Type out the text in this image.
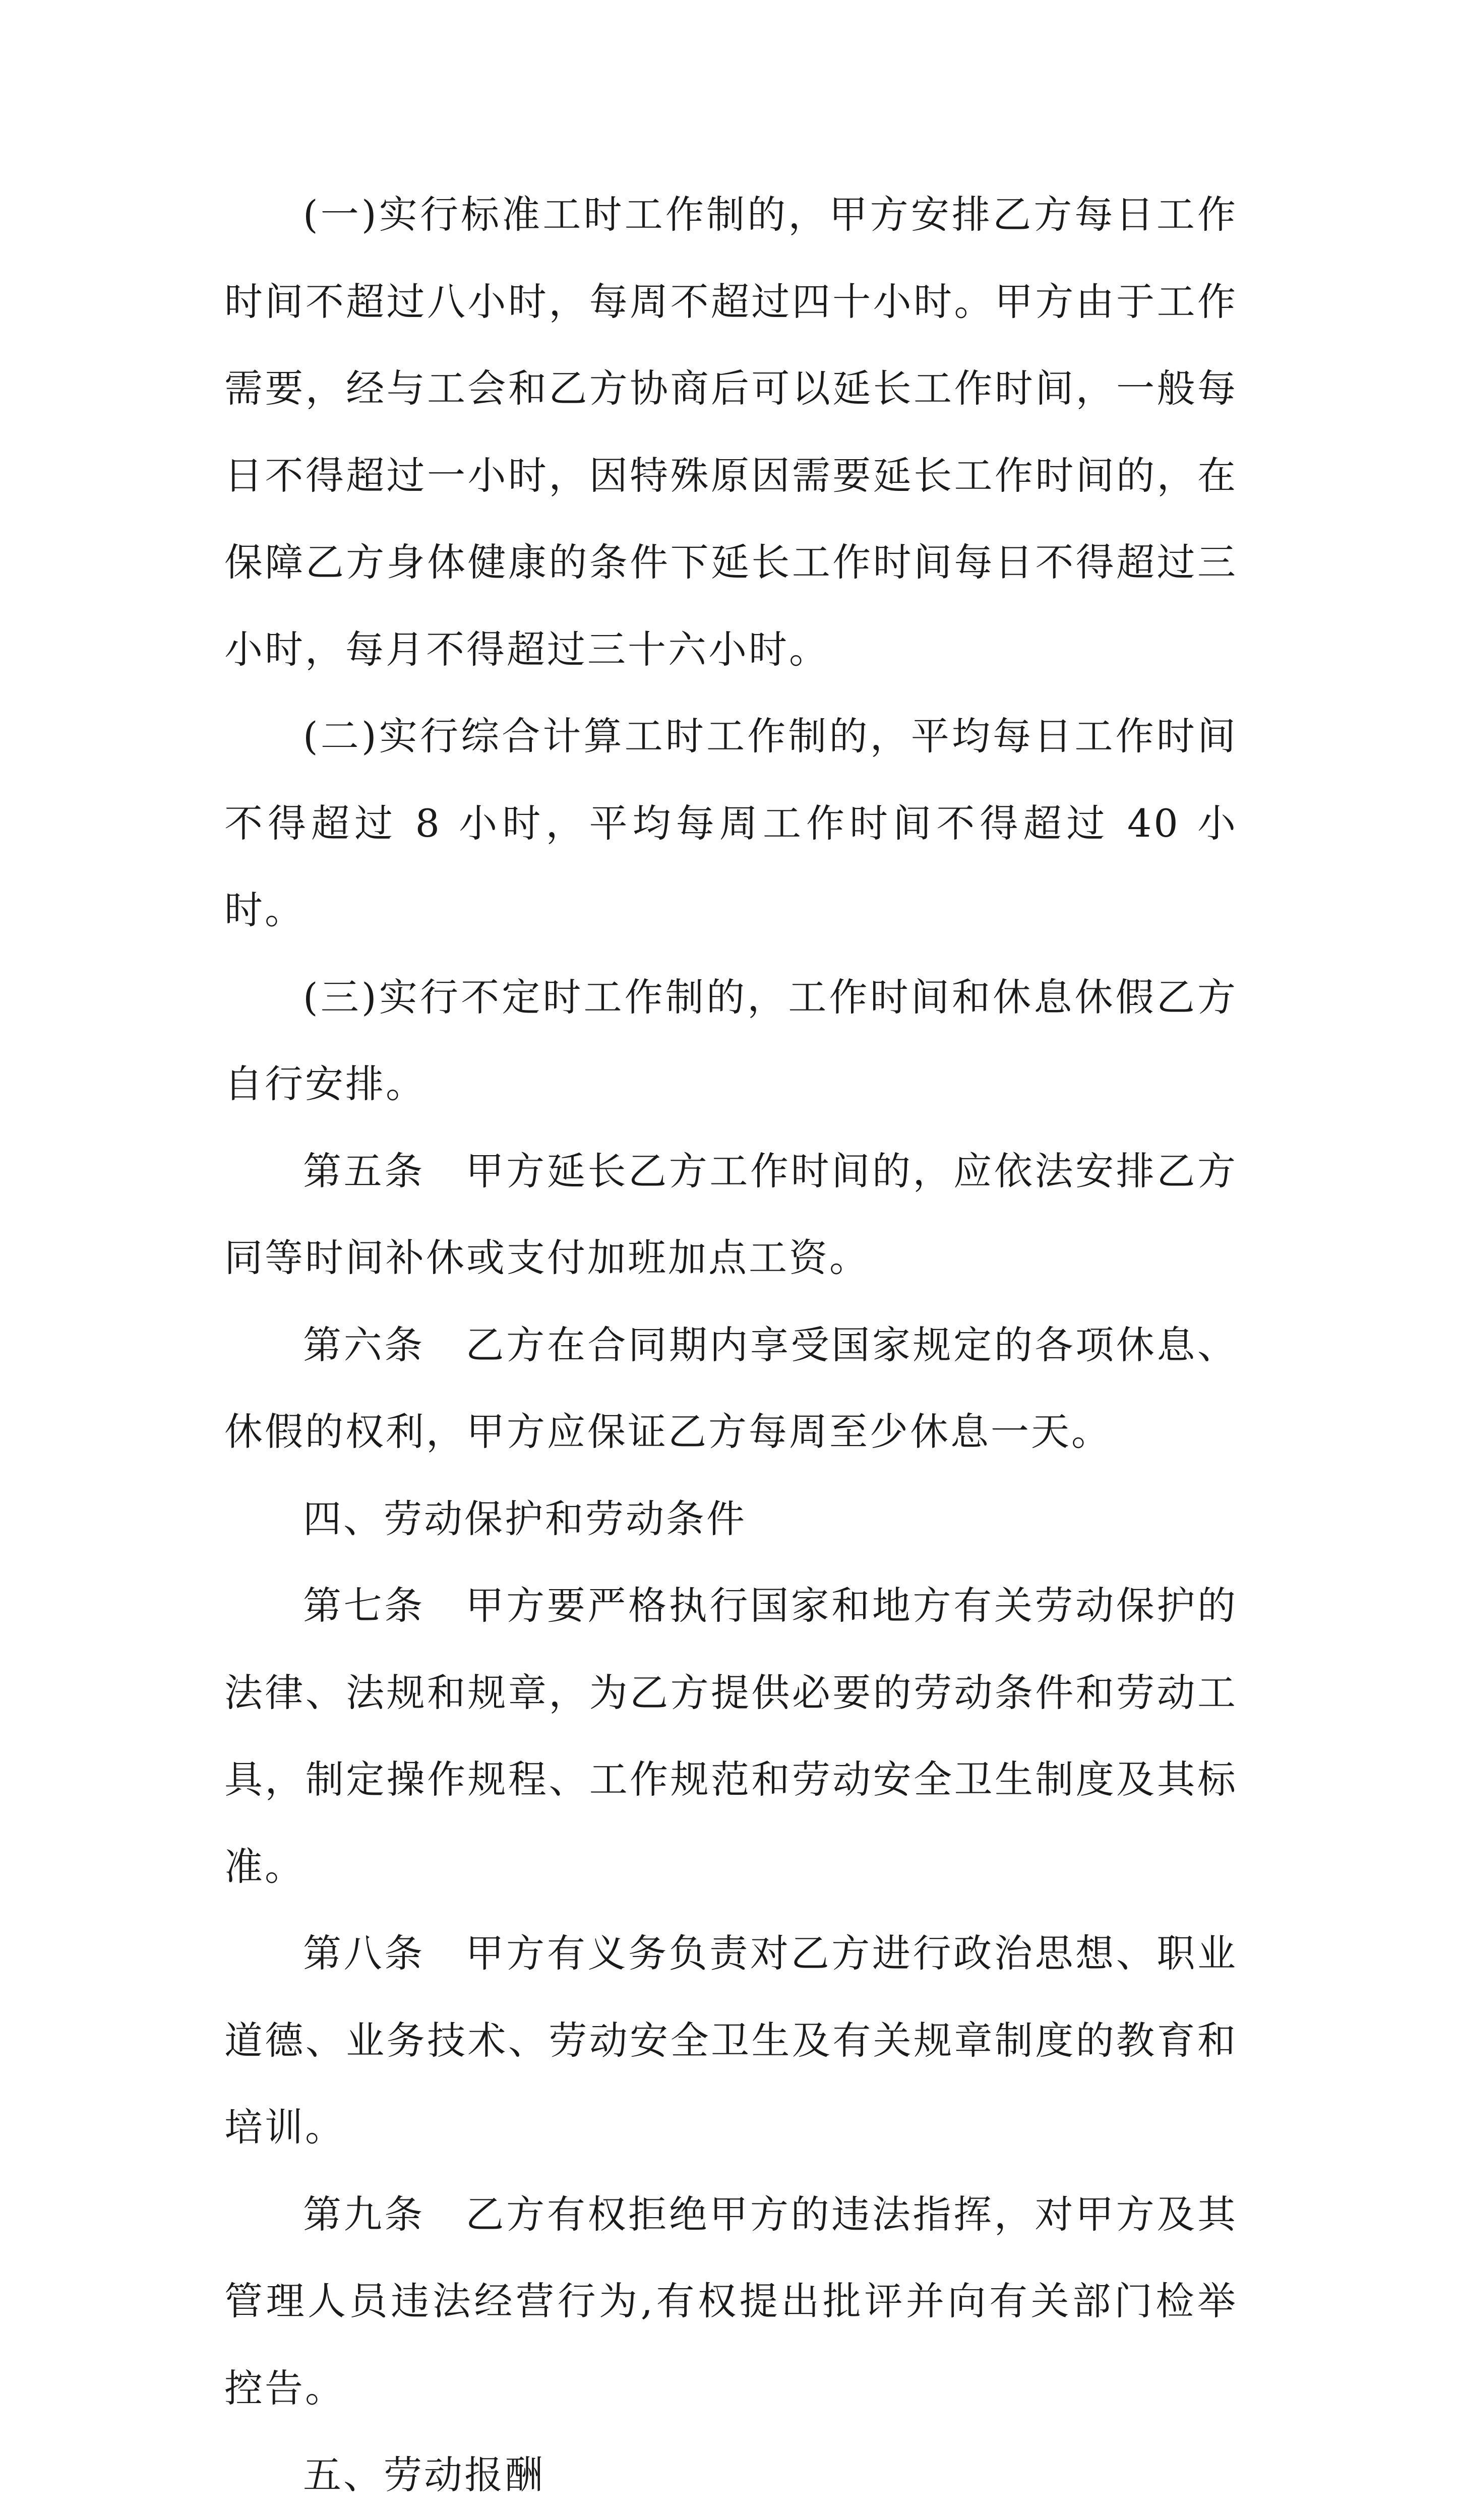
(一)实行标准工时工作制的，甲方安排乙方每日工作时间不超过八小时，每周不超过四十小时。甲方由于工作需要，经与工会和乙方协商后可以延长工作时间，一般每日不得超过一小时，因特殊原因需要延长工作时间的，在保障乙方身体健康的条件下延长工作时间每日不得超过三小时，每月不得超过三十六小时。

(二)实行综合计算工时工作制的，平均每日工作时间不得超过 8 小时，平均每周工作时间不得超过 40 小时。

(三)实行不定时工作制的，工作时间和休息休假乙方自行安排。

第五条　甲方延长乙方工作时间的，应依法安排乙方同等时间补休或支付加班加点工资。

第六条　乙方在合同期内享受国家规定的各项休息、休假的权利，甲方应保证乙方每周至少休息一天。

四、劳动保护和劳动条件

第七条　甲方要严格执行国家和地方有关劳动保护的法律、法规和规章，为乙方提供必要的劳动条件和劳动工具，制定操作规程、工作规范和劳动安全卫生制度及其标准。

第八条　甲方有义务负责对乙方进行政治思想、职业道德、业务技术、劳动安全卫生及有关规章制度的教育和培训。

第九条　乙方有权拒绝甲方的违法指挥，对甲方及其管理人员违法经营行为,有权提出批评并向有关部门检举控告。

五、劳动报酬
